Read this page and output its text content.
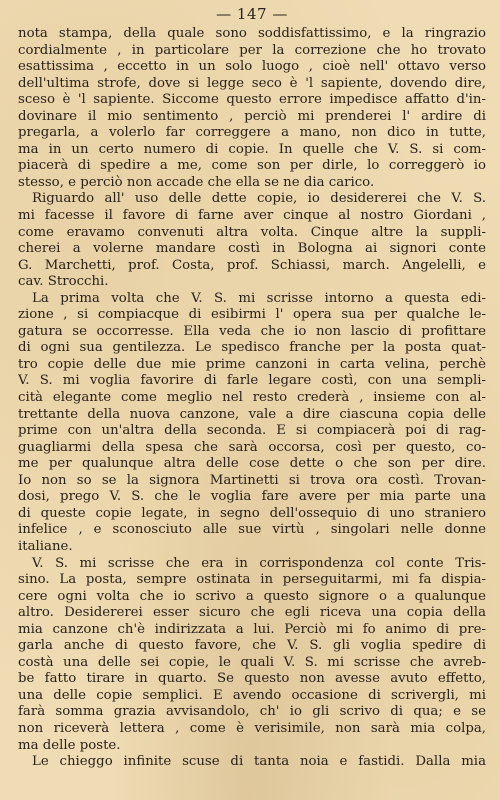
— 147 —
nota stampa, della quale sono soddisfattissimo, e la ringrazio
cordialmente , in particolare per la correzione che ho trovato
esattissima , eccetto in un solo luogo , cioè nell' ottavo verso
dell'ultima strofe, dove si legge seco è 'l sapiente, dovendo dire,
sceso è 'l sapiente. Siccome questo errore impedisce affatto d'in-
dovinare il mio sentimento , perciò mi prenderei l' ardire di
pregarla, a volerlo far correggere a mano, non dico in tutte,
ma in un certo numero di copie. In quelle che V. S. si com-
piacerà di spedire a me, come son per dirle, lo correggerò io
stesso, e perciò non accade che ella se ne dia carico.
Riguardo all' uso delle dette copie, io desidererei che V. S.
mi facesse il favore di farne aver cinque al nostro Giordani ,
come eravamo convenuti altra volta. Cinque altre la suppli-
cherei a volerne mandare costì in Bologna ai signori conte
G. Marchetti, prof. Costa, prof. Schiassi, march. Angelelli, e
cav. Strocchi.
La prima volta che V. S. mi scrisse intorno a questa edi-
zione , si compiacque di esibirmi l' opera sua per qualche le-
gatura se occorresse. Ella veda che io non lascio di profittare
di ogni sua gentilezza. Le spedisco franche per la posta quat-
tro copie delle due mie prime canzoni in carta velina, perchè
V. S. mi voglia favorire di farle legare costì, con una sempli-
cità elegante come meglio nel resto crederà , insieme con al-
trettante della nuova canzone, vale a dire ciascuna copia delle
prime con un'altra della seconda. E si compiacerà poi di rag-
guagliarmi della spesa che sarà occorsa, così per questo, co-
me per qualunque altra delle cose dette o che son per dire.
Io non so se la signora Martinetti si trova ora costì. Trovan-
dosi, prego V. S. che le voglia fare avere per mia parte una
di queste copie legate, in segno dell'ossequio di uno straniero
infelice , e sconosciuto alle sue virtù , singolari nelle donne
italiane.
V. S. mi scrisse che era in corrispondenza col conte Tris-
sino. La posta, sempre ostinata in perseguitarmi, mi fa dispia-
cere ogni volta che io scrivo a questo signore o a qualunque
altro. Desidererei esser sicuro che egli riceva una copia della
mia canzone ch'è indirizzata a lui. Perciò mi fo animo di pre-
garla anche di questo favore, che V. S. gli voglia spedire di
costà una delle sei copie, le quali V. S. mi scrisse che avreb-
be fatto tirare in quarto. Se questo non avesse avuto effetto,
una delle copie semplici. E avendo occasione di scrivergli, mi
farà somma grazia avvisandolo, ch' io gli scrivo di qua; e se
non riceverà lettera , come è verisimile, non sarà mia colpa,
ma delle poste.
Le chieggo infinite scuse di tanta noia e fastidi. Dalla mia
